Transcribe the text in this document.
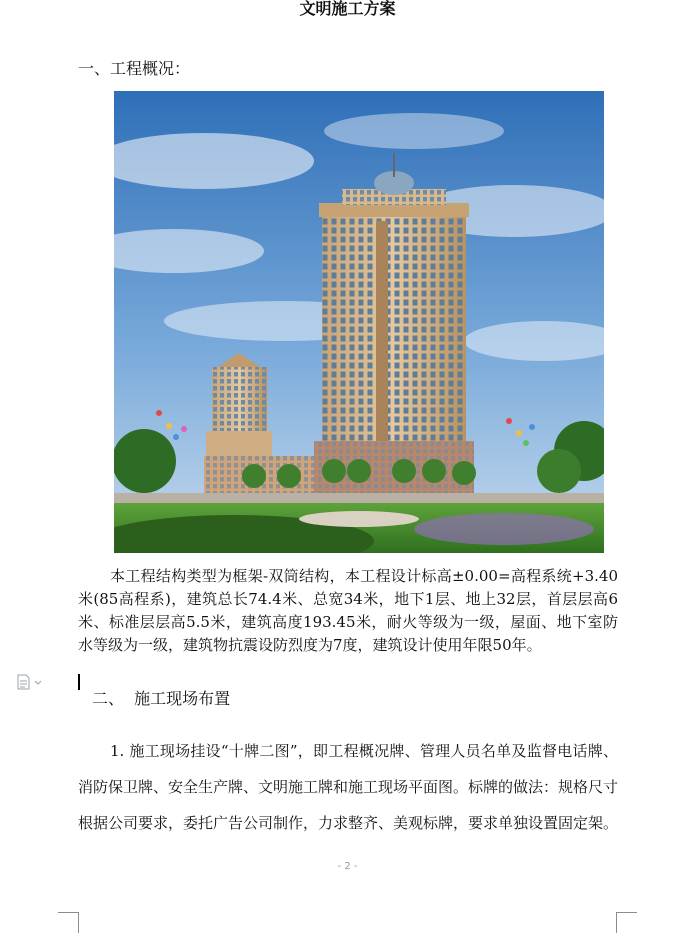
文明施工方案
一、工程概况：
本工程结构类型为框架-双筒结构，本工程设计标高±0.00=高程系统+3.40米(85高程系)，建筑总长74.4米、总宽34米，地下1层、地上32层，首层层高6米、标准层层高5.5米，建筑高度193.45米，耐火等级为一级，屋面、地下室防水等级为一级，建筑物抗震设防烈度为7度，建筑设计使用年限50年。
二、  施工现场布置
1. 施工现场挂设“十牌二图”，即工程概况牌、管理人员名单及监督电话牌、消防保卫牌、安全生产牌、文明施工牌和施工现场平面图。标牌的做法：规格尺寸根据公司要求，委托广告公司制作，力求整齐、美观标牌，要求单独设置固定架。
- 2 -
